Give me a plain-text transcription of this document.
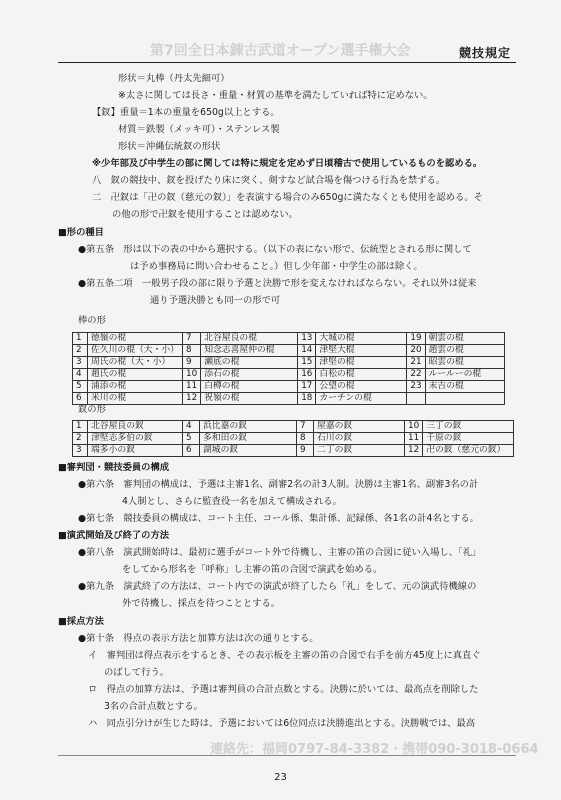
第7回全日本錬古武道オープン選手権大会	競技規定
形状＝丸棒（丹太先細可）
※太さに関しては長さ・重量・材質の基準を満たしていれば特に定めない。
【釵】重量＝1本の重量を650g以上とする。
材質＝鉄製（メッキ可）・ステンレス製
形状＝沖縄伝統釵の形状
※少年部及び中学生の部に関しては特に規定を定めず日頃稽古で使用しているものを認める。
八　釵の競技中、釵を投げたり床に突く、剣すなど試合場を傷つける行為を禁ずる。
二　卍釵は「卍の釵（慈元の釵）」を表演する場合のみ650gに満たなくとも使用を認める。そ
の他の形で卍釵を使用することは認めない。
■形の種目
●第五条　形は以下の表の中から選択する。（以下の表にない形で、伝統型とされる形に関して
は予め事務局に問い合わせること。）但し少年部・中学生の部は除く。
●第五条二項　一般男子段の部に限り予選と決勝で形を変えなければならない。それ以外は従来
通り予選決勝とも同一の形で可
棒の形
1	徳嶺の棍	7	北谷屋良の棍	13	大城の棍	19	朝雲の棍
2	佐久川の棍（大・小）	8	知念志喜屋仲の棍	14	津堅大棍	20	趙雲の棍
3	周氏の棍（大・小）	9	瀬底の棍	15	津堅の棍	21	昭雲の棍
4	趙氏の棍	10	添石の棍	16	白松の棍	22	ルールーの棍
5	浦添の棍	11	白樽の棍	17	公望の棍	23	末吉の棍
6	米川の棍	12	祝嶺の棍	18	カーチンの棍		
釵の形
1	北谷屋良の釵	4	浜比嘉の釵	7	屋嘉の釵	10	三丁の釵
2	津堅志多伯の釵	5	多和田の釵	8	石川の釵	11	千原の釵
3	端多小の釵	6	湖城の釵	9	二丁の釵	12	卍の釵（慈元の釵）
■審判団・競技委員の構成
●第六条　審判団の構成は、予選は主審1名、副審2名の計3人制。決勝は主審1名、副審3名の計
4人制とし、さらに監査役一名を加えて構成される。
●第七条　競技委員の構成は、コート主任、コール係、集計係、記録係、各1名の計4名とする。
■演武開始及び終了の方法
●第八条　演武開始時は、最初に選手がコート外で待機し、主審の笛の合図に従い入場し、「礼」
をしてから形名を「呼称」し主審の笛の合図で演武を始める。
●第九条　演武終了の方法は、コート内での演武が終了したら「礼」をして、元の演武待機線の
外で待機し、採点を待つこととする。
■採点方法
●第十条　得点の表示方法と加算方法は次の通りとする。
イ　審判団は得点表示をするとき、その表示板を主審の笛の合図で右手を前方45度上に真直ぐ
のばして行う。
ロ　得点の加算方法は、予選は審判員の合計点数とする。決勝に於いては、最高点を削除した
3名の合計点数とする。
ハ　同点引分けが生じた時は、予選においては6位同点は決勝進出とする。決勝戦では、最高
連絡先：福岡0797-84-3382・携帯090-3018-0664
23
